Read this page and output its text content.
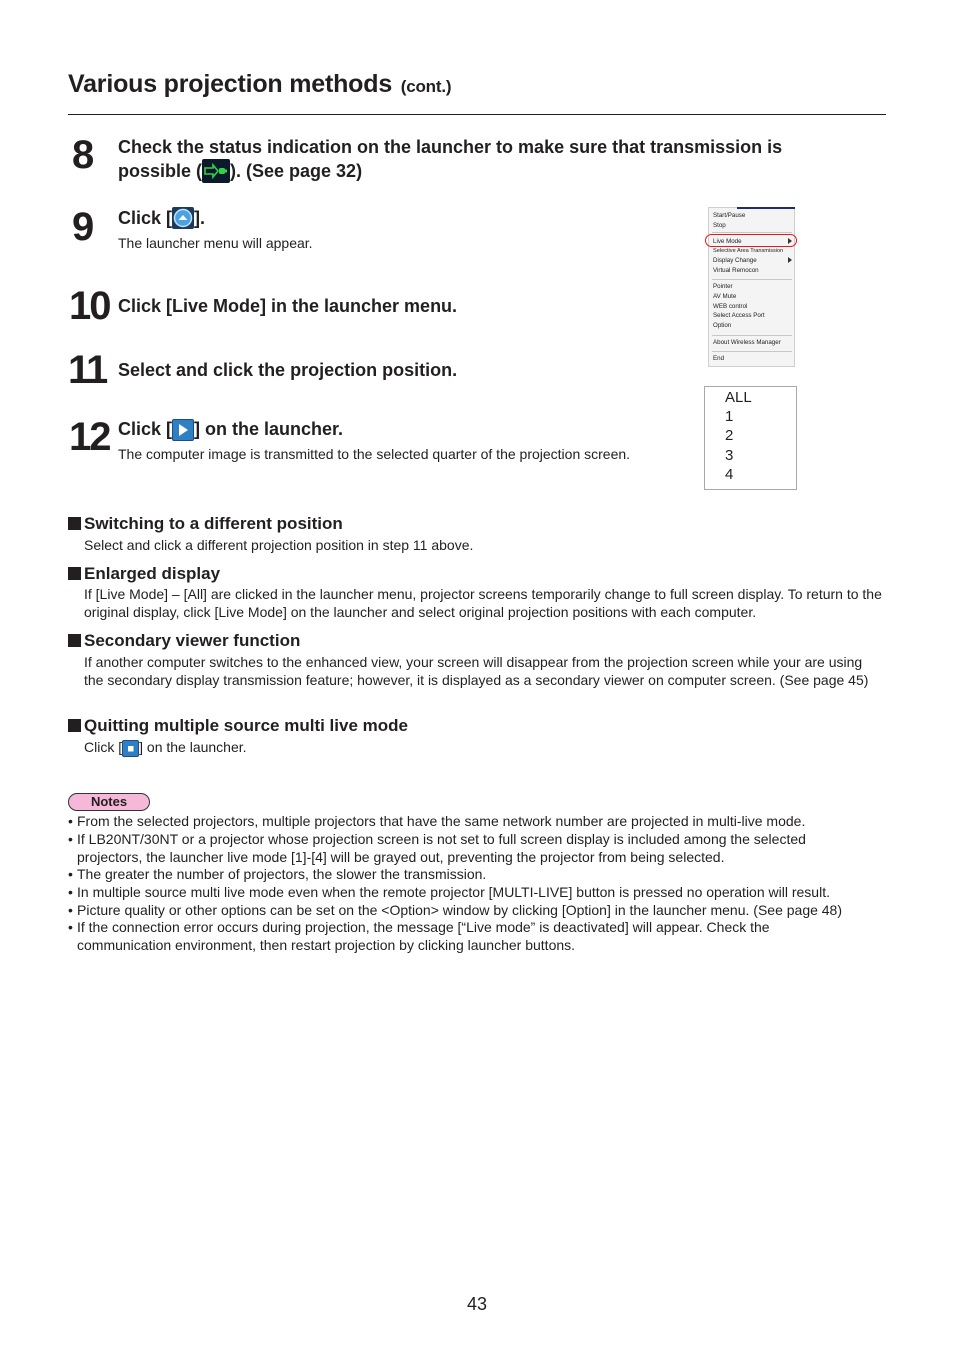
Various projection methods (cont.)
8 Check the status indication on the launcher to make sure that transmission is possible ( ). (See page 32)
9 Click [ ].
The launcher menu will appear.
10 Click [Live Mode] in the launcher menu.
11 Select and click the projection position.
12 Click [ ] on the launcher.
The computer image is transmitted to the selected quarter of the projection screen.
Start/Pause
Stop
Live Mode
Selective Area Transmission
Display Change
Virtual Remocon
Pointer
AV Mute
WEB control
Select Access Port
Option
About Wireless Manager
End
ALL
1
2
3
4
Switching to a different position
Select and click a different projection position in step 11 above.
Enlarged display
If [Live Mode] – [All] are clicked in the launcher menu, projector screens temporarily change to full screen display. To return to the original display, click [Live Mode] on the launcher and select original projection positions with each computer.
Secondary viewer function
If another computer switches to the enhanced view, your screen will disappear from the projection screen while your are using the secondary display transmission feature; however, it is displayed as a secondary viewer on computer screen. (See page 45)
Quitting multiple source multi live mode
Click [ ] on the launcher.
Notes
• From the selected projectors, multiple projectors that have the same network number are projected in multi-live mode.
• If LB20NT/30NT or a projector whose projection screen is not set to full screen display is included among the selected projectors, the launcher live mode [1]-[4] will be grayed out, preventing the projector from being selected.
• The greater the number of projectors, the slower the transmission.
• In multiple source multi live mode even when the remote projector [MULTI-LIVE] button is pressed no operation will result.
• Picture quality or other options can be set on the <Option> window by clicking [Option] in the launcher menu. (See page 48)
• If the connection error occurs during projection, the message [“Live mode” is deactivated] will appear. Check the communication environment, then restart projection by clicking launcher buttons.
43
